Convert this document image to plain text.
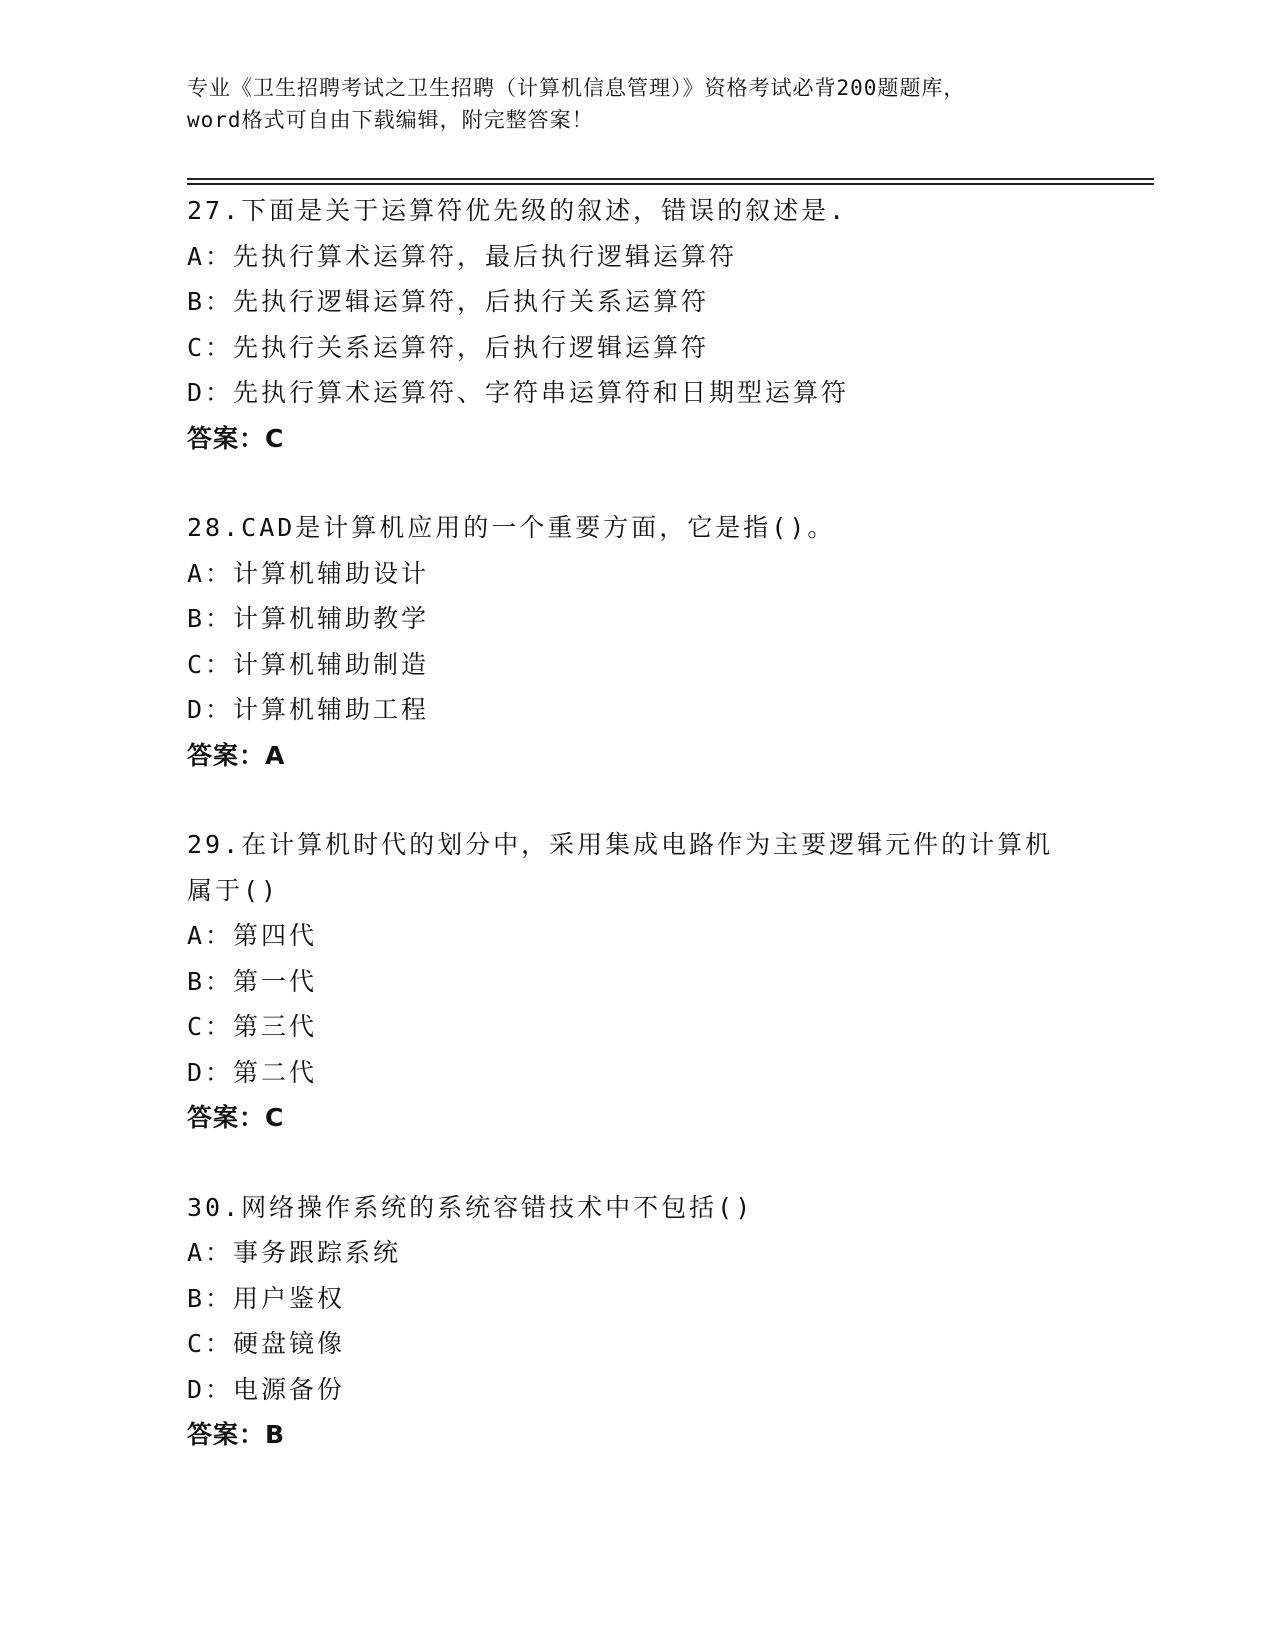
专业《卫生招聘考试之卫生招聘（计算机信息管理）》资格考试必背200题题库，
word格式可自由下载编辑，附完整答案！
27.下面是关于运算符优先级的叙述，错误的叙述是.
A：先执行算术运算符，最后执行逻辑运算符
B：先执行逻辑运算符，后执行关系运算符
C：先执行关系运算符，后执行逻辑运算符
D：先执行算术运算符、字符串运算符和日期型运算符
答案：C
28.CAD是计算机应用的一个重要方面，它是指()。
A：计算机辅助设计
B：计算机辅助教学
C：计算机辅助制造
D：计算机辅助工程
答案：A
29.在计算机时代的划分中，采用集成电路作为主要逻辑元件的计算机
属于()
A：第四代
B：第一代
C：第三代
D：第二代
答案：C
30.网络操作系统的系统容错技术中不包括()
A：事务跟踪系统
B：用户鉴权
C：硬盘镜像
D：电源备份
答案：B
